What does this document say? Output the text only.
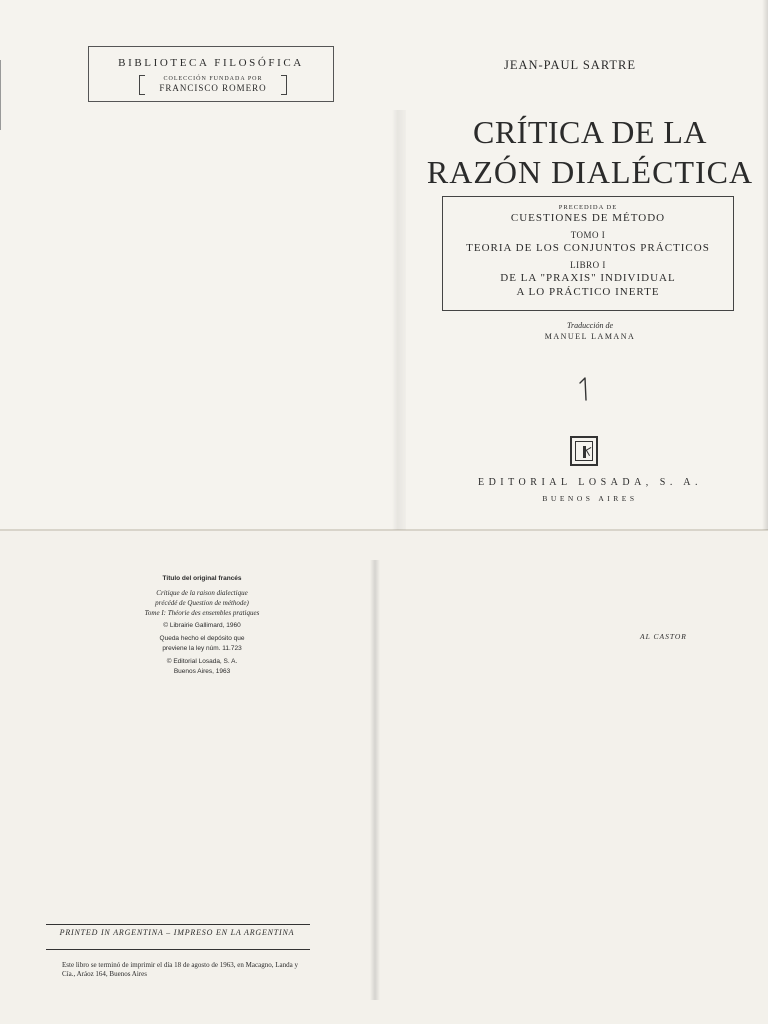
BIBLIOTECA FILOSÓFICA
COLECCIÓN FUNDADA POR
FRANCISCO ROMERO
JEAN-PAUL SARTRE
CRÍTICA DE LA
RAZÓN DIALÉCTICA
PRECEDIDA DE
CUESTIONES DE MÉTODO
TOMO I
TEORIA DE LOS CONJUNTOS PRÁCTICOS
LIBRO I
DE LA "PRAXIS" INDIVIDUAL
A LO PRÁCTICO INERTE
Traducción de
MANUEL LAMANA
EDITORIAL LOSADA, S. A.
BUENOS AIRES
Título del original francés
Critique de la raison dialectique
précédé de Question de méthode)
Tome I: Théorie des ensembles pratiques
© Librairie Gallimard, 1960
Queda hecho el depósito que
previene la ley núm. 11.723
© Editorial Losada, S. A.
Buenos Aires, 1963
AL CASTOR
PRINTED IN ARGENTINA – IMPRESO EN LA ARGENTINA
Este libro se terminó de imprimir el día 18 de agosto de 1963, en Macagno, Landa y Cía., Aráoz 164, Buenos Aires
